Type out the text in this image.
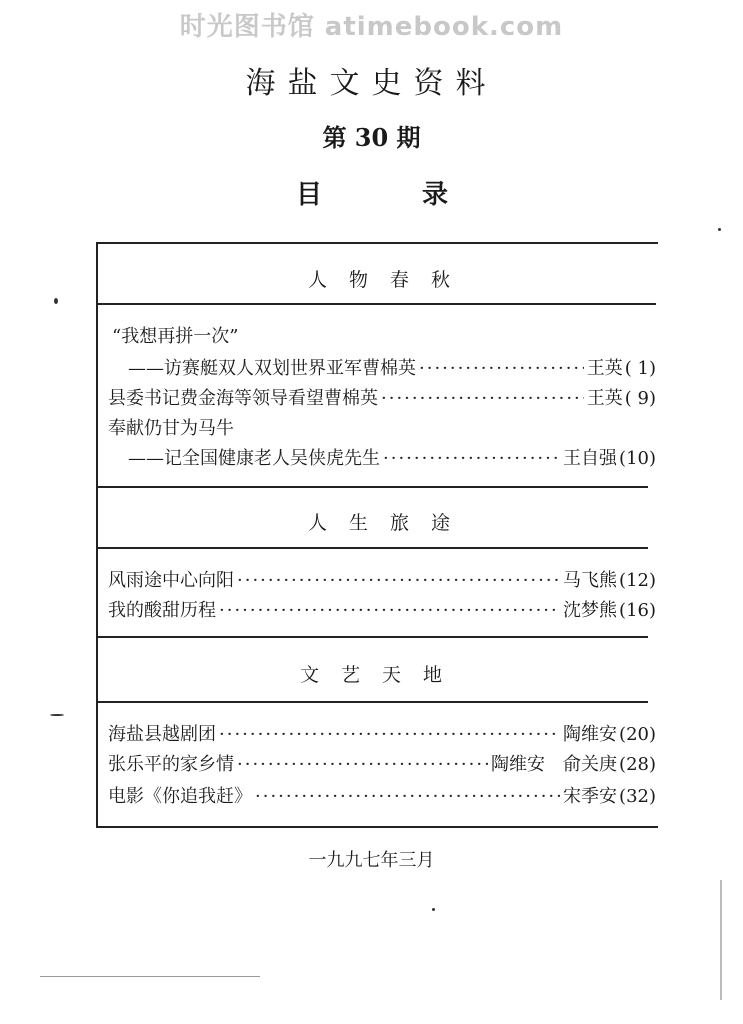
时光图书馆 atimebook.com
海盐文史资料
第 30 期
目	录
人物春秋
“我想再拼一次”
——访赛艇双人双划世界亚军曹棉英 ·····	王英 ( 1)
县委书记费金海等领导看望曹棉英 ·····	王英 ( 9)
奉献仍甘为马牛
——记全国健康老人吴侠虎先生 ·····	王自强 (10)
人生旅途
风雨途中心向阳 ·····	马飞熊 (12)
我的酸甜历程 ·····	沈梦熊 (16)
文艺天地
海盐县越剧团 ·····	陶维安 (20)
张乐平的家乡情 ·····	陶维安　俞关庚 (28)
电影《你追我赶》 ·····	宋季安 (32)
一九九七年三月
